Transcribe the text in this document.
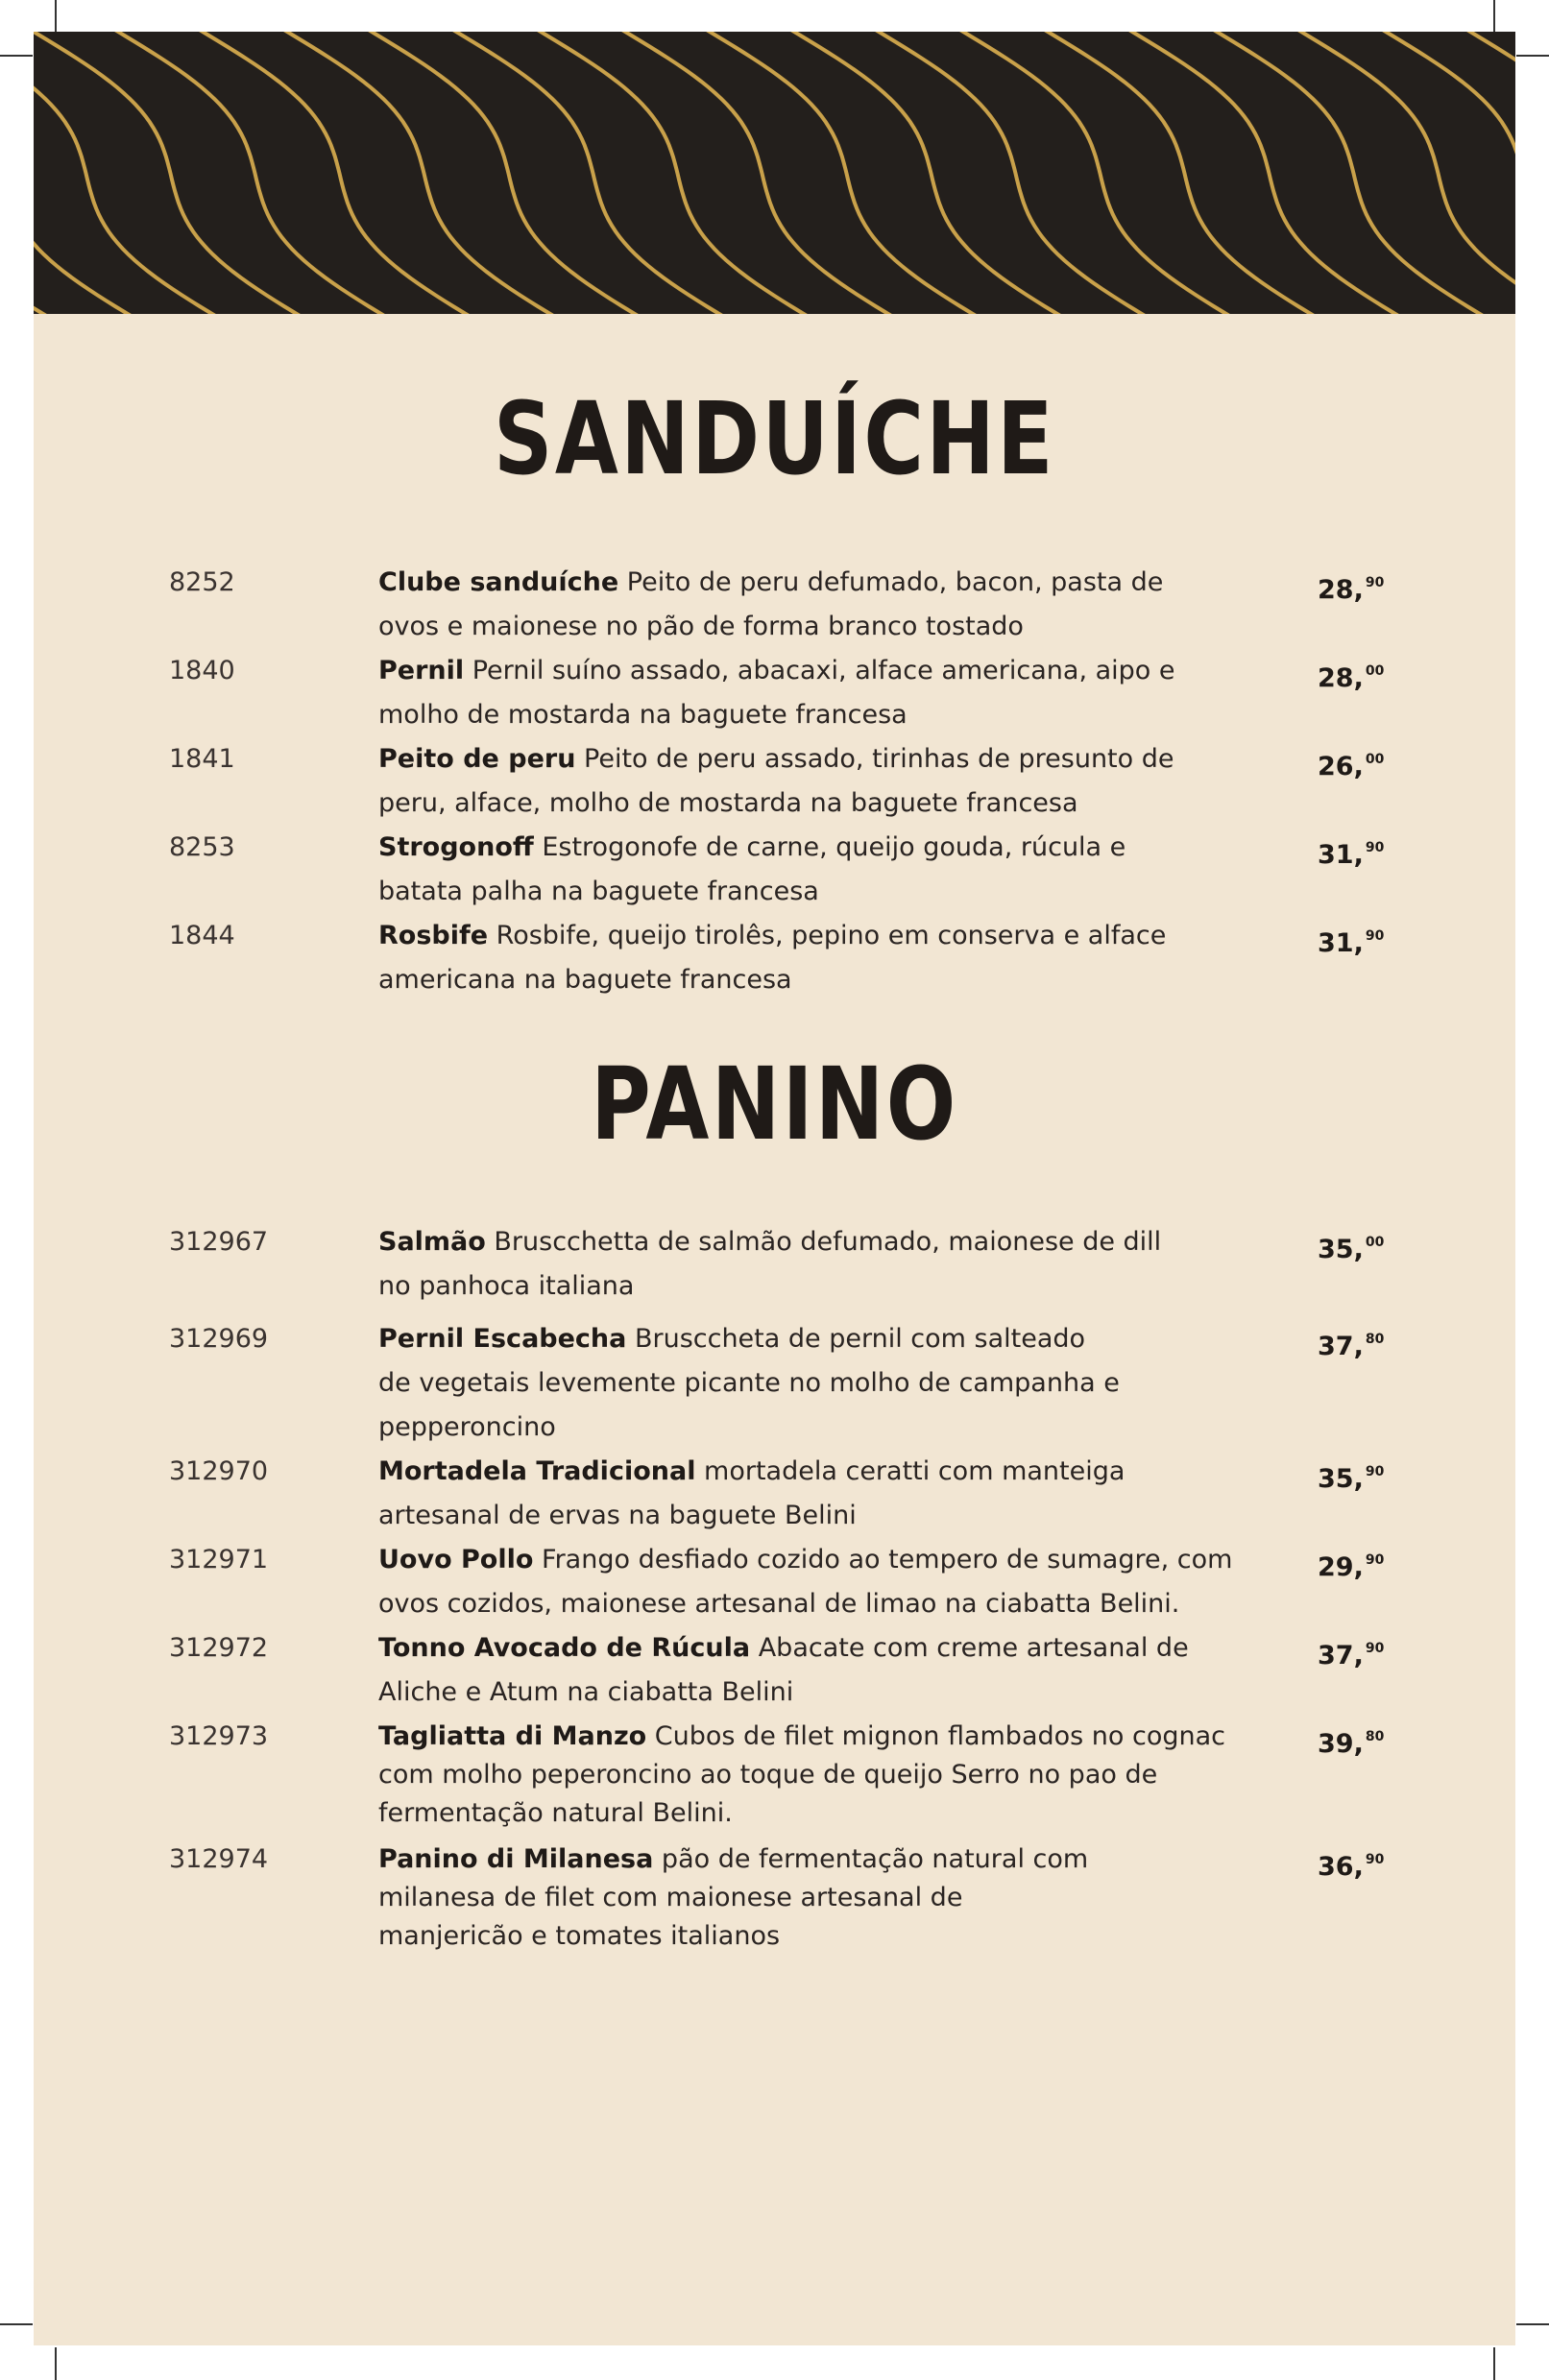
SANDUÍCHE
8252	Clube sanduíche Peito de peru defumado, bacon, pasta de
ovos e maionese no pão de forma branco tostado
28, $^{90}$
1840	Pernil Pernil suíno assado, abacaxi, alface americana, aipo e
molho de mostarda na baguete francesa
28, $^{00}$
1841	Peito de peru Peito de peru assado, tirinhas de presunto de
peru, alface, molho de mostarda na baguete francesa
26, $^{00}$
8253	Strogonoff Estrogonofe de carne, queijo gouda, rúcula e
batata palha na baguete francesa
31, $^{90}$
1844	Rosbife Rosbife, queijo tirolês, pepino em conserva e alface
americana na baguete francesa
31, $^{90}$
PANINO
312967	Salmão Bruscchetta de salmão defumado, maionese de dill
no panhoca italiana
35, $^{00}$
312969	Pernil Escabecha Bruscchetа de pernil com salteado
de vegetais levemente picante no molho de campanha e
pepperoncino
37, $^{80}$
312970	Mortadela Tradicional mortadela ceratti com manteiga
artesanal de ervas na baguete Belini
35, $^{90}$
312971	Uovo Pollo Frango desfiado cozido ao tempero de sumagre, com
ovos cozidos, maionese artesanal de limao na ciabatta Belini.
29, $^{90}$
312972	Tonno Avocado de Rúcula Abacate com creme artesanal de
Aliche e Atum na ciabatta Belini
37, $^{90}$
312973	Tagliatta di Manzo Cubos de filet mignon flambados no cognac
com molho peperoncino ao toque de queijo Serro no pao de
fermentação natural Belini.
39, $^{80}$
312974	Panino di Milanesa pão de fermentação natural com
milanesa de filet com maionese artesanal de
manjericão e tomates italianos
36, $^{90}$
